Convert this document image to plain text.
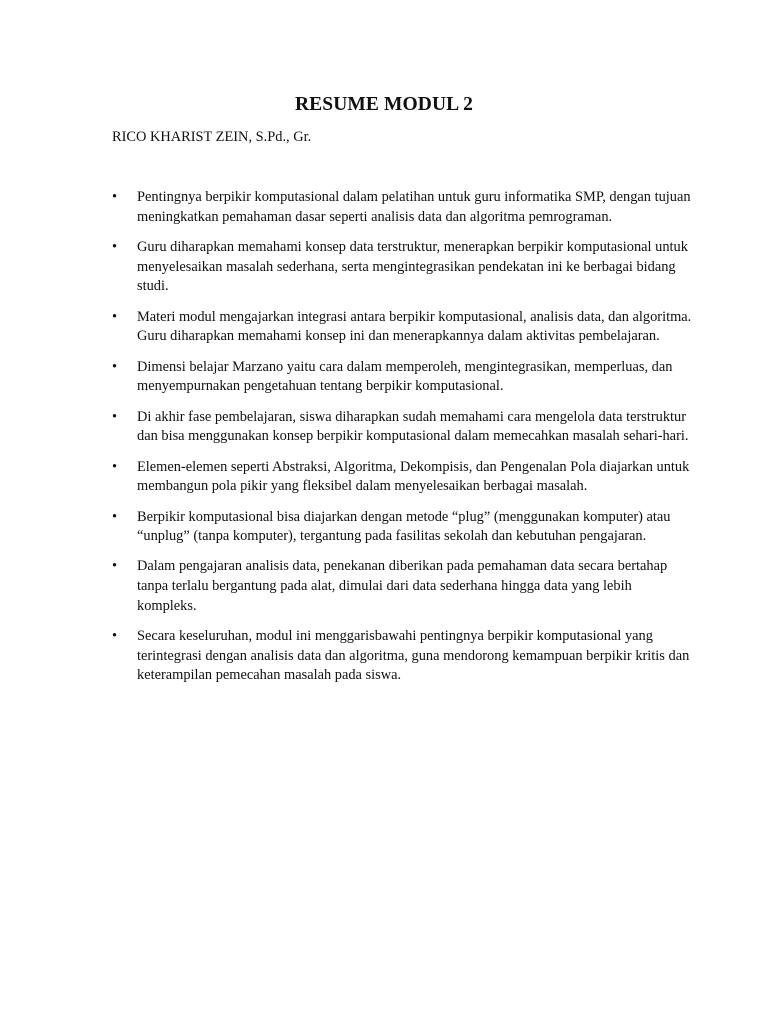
RESUME MODUL 2

RICO KHARIST ZEIN, S.Pd., Gr.

•	Pentingnya berpikir komputasional dalam pelatihan untuk guru informatika SMP, dengan tujuan meningkatkan pemahaman dasar seperti analisis data dan algoritma pemrograman.
•	Guru diharapkan memahami konsep data terstruktur, menerapkan berpikir komputasional untuk menyelesaikan masalah sederhana, serta mengintegrasikan pendekatan ini ke berbagai bidang studi.
•	Materi modul mengajarkan integrasi antara berpikir komputasional, analisis data, dan algoritma. Guru diharapkan memahami konsep ini dan menerapkannya dalam aktivitas pembelajaran.
•	Dimensi belajar Marzano yaitu cara dalam memperoleh, mengintegrasikan, memperluas, dan menyempurnakan pengetahuan tentang berpikir komputasional.
•	Di akhir fase pembelajaran, siswa diharapkan sudah memahami cara mengelola data terstruktur dan bisa menggunakan konsep berpikir komputasional dalam memecahkan masalah sehari-hari.
•	Elemen-elemen seperti Abstraksi, Algoritma, Dekompisis, dan Pengenalan Pola diajarkan untuk membangun pola pikir yang fleksibel dalam menyelesaikan berbagai masalah.
•	Berpikir komputasional bisa diajarkan dengan metode “plug” (menggunakan komputer) atau “unplug” (tanpa komputer), tergantung pada fasilitas sekolah dan kebutuhan pengajaran.
•	Dalam pengajaran analisis data, penekanan diberikan pada pemahaman data secara bertahap tanpa terlalu bergantung pada alat, dimulai dari data sederhana hingga data yang lebih kompleks.
•	Secara keseluruhan, modul ini menggarisbawahi pentingnya berpikir komputasional yang terintegrasi dengan analisis data dan algoritma, guna mendorong kemampuan berpikir kritis dan keterampilan pemecahan masalah pada siswa.
